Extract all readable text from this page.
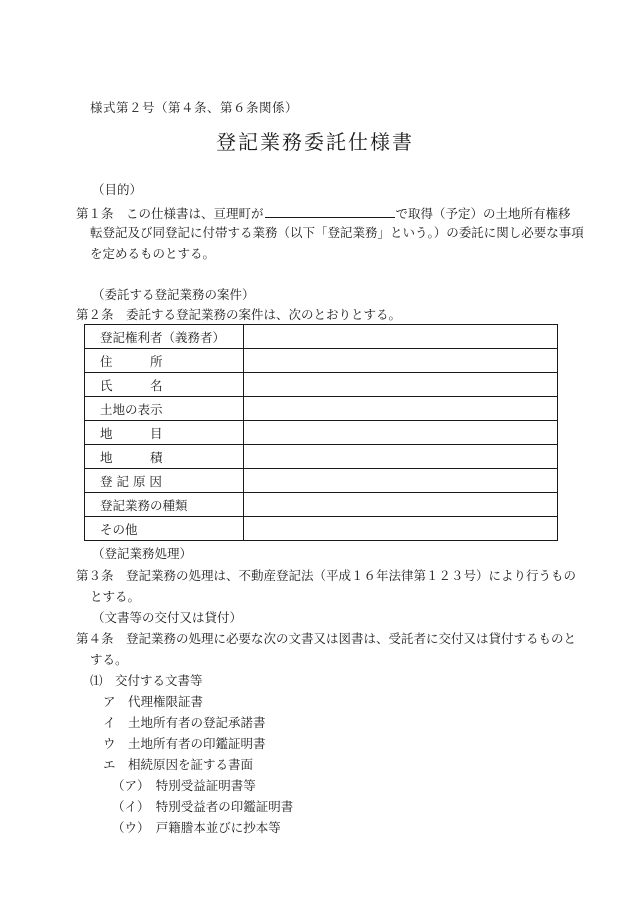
様式第２号（第４条、第６条関係）
登記業務委託仕様書
（目的）
第１条　この仕様書は、亘理町が	で取得（予定）の土地所有権移
転登記及び同登記に付帯する業務（以下「登記業務」という。）の委託に関し必要な事項
を定めるものとする。
（委託する登記業務の案件）
第２条　委託する登記業務の案件は、次のとおりとする。
登記権利者（義務者）	
住　　　所	
氏　　　名	
土地の表示	
地　　　目	
地　　　積	
登 記 原 因	
登記業務の種類	
その他	
（登記業務処理）
第３条　登記業務の処理は、不動産登記法（平成１６年法律第１２３号）により行うもの
とする。
（文書等の交付又は貸付）
第４条　登記業務の処理に必要な次の文書又は図書は、受託者に交付又は貸付するものと
する。
⑴　交付する文書等
ア　代理権限証書
イ　土地所有者の登記承諾書
ウ　土地所有者の印鑑証明書
エ　相続原因を証する書面
（ア）　特別受益証明書等
（イ）　特別受益者の印鑑証明書
（ウ）　戸籍謄本並びに抄本等
